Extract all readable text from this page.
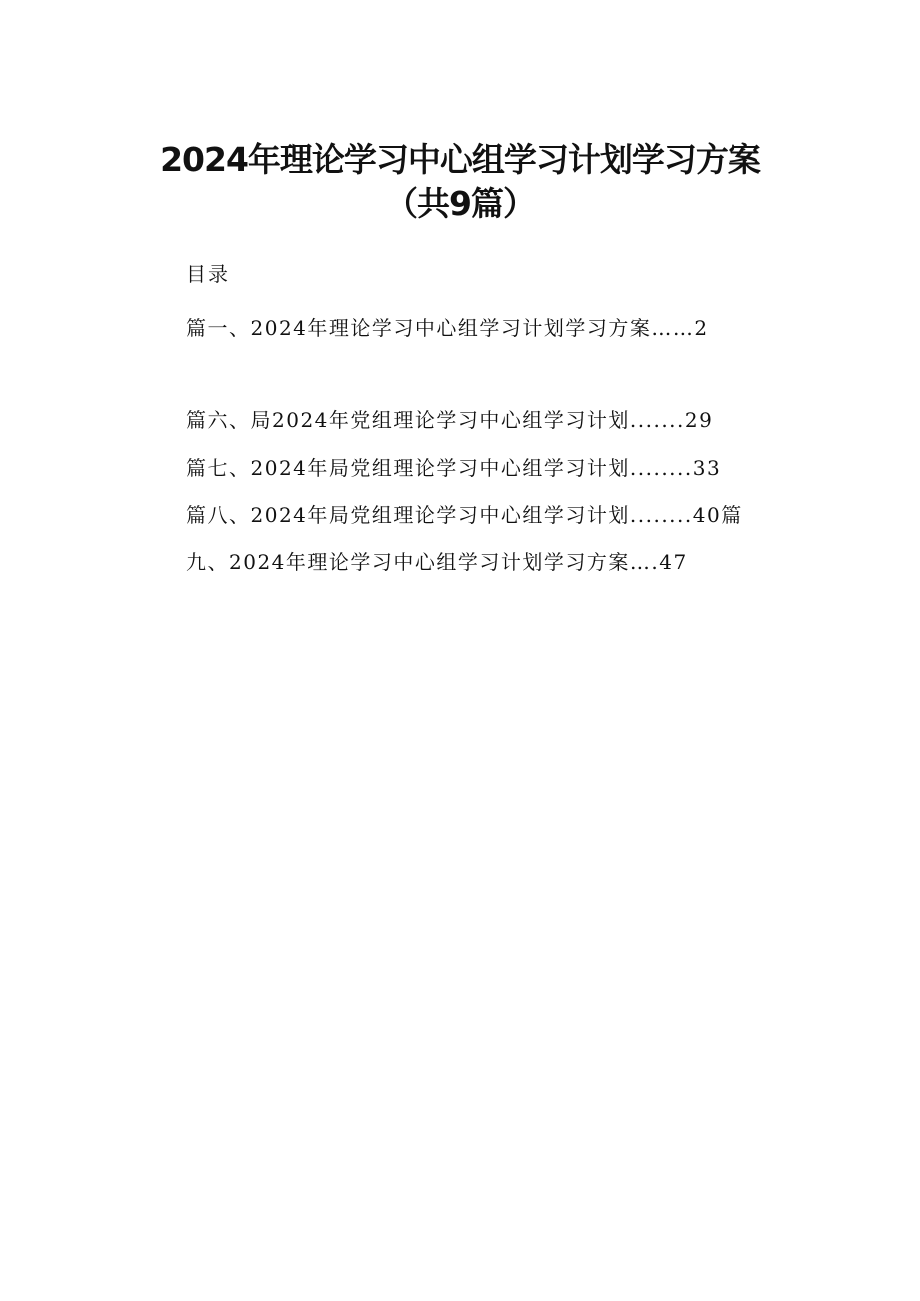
2024年理论学习中心组学习计划学习方案
（共9篇）
目录
篇一、2024年理论学习中心组学习计划学习方案……2
篇六、局2024年党组理论学习中心组学习计划.......29
篇七、2024年局党组理论学习中心组学习计划........33
篇八、2024年局党组理论学习中心组学习计划........40篇
九、2024年理论学习中心组学习计划学习方案….47
